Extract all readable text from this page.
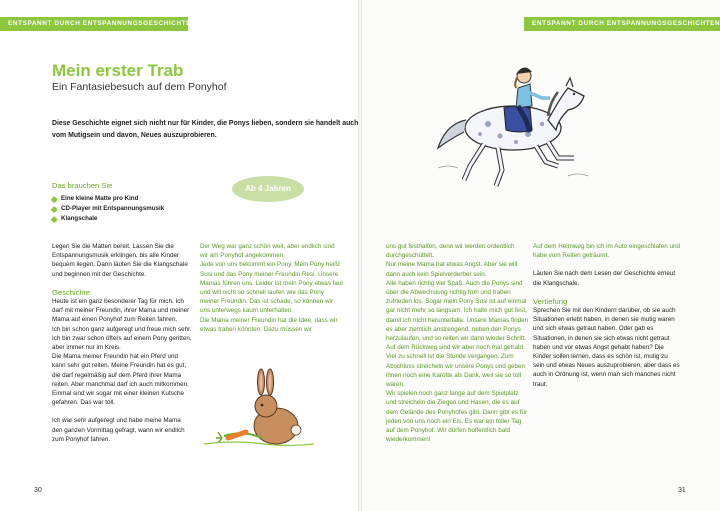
ENTSPANNT DURCH ENTSPANNUNGSGESCHICHTEN	ENTSPANNT DURCH ENTSPANNUNGSGESCHICHTEN
Mein erster Trab
Ein Fantasiebesuch auf dem Ponyhof
Diese Geschichte eignet sich nicht nur für Kinder, die Ponys lieben, sondern sie handelt auch vom Mutigsein und davon, Neues auszuprobieren.
Das brauchen Sie
Eine kleine Matte pro Kind
CD-Player mit Entspannungsmusik
Klangschale
Ab 4 Jahren

Legen Sie die Matten bereit. Lassen Sie die Entspannungsmusik erklingen, bis alle Kinder bequem liegen. Dann läuten Sie die Klangschale und beginnen mit der Geschichte.

Geschichte

Heute ist ein ganz besonderer Tag für mich. Ich darf mit meiner Freundin, ihrer Mama und meiner Mama auf einen Ponyhof zum Reiten fahren.

Ich bin schon ganz aufgeregt und freue mich sehr. Ich bin zwar schon öfters auf einem Pony geritten, aber immer nur im Kreis.

Die Mama meiner Freundin hat ein Pferd und kann sehr gut reiten. Meine Freundin hat es gut, die darf regelmäßig auf dem Pferd ihrer Mama reiten. Aber manchmal darf ich auch mitkommen. Einmal sind wir sogar mit einer kleinen Kutsche gefahren. Das war toll.

Ich war sehr aufgeregt und habe meine Mama den ganzen Vormittag gefragt, wann wir endlich zum Ponyhof fahren.

Der Weg war ganz schön weit, aber endlich sind wir am Ponyhof angekommen.

Jede von uns bekommt ein Pony. Mein Pony heißt Susi und das Pony meiner Freundin Resi. Unsere Mamas führen uns. Leider ist mein Pony etwas faul und will nicht so schnell laufen wie das Pony meiner Freundin. Das ist schade, so können wir uns unterwegs kaum unterhalten.

Die Mama meiner Freundin hat die Idee, dass wir etwas traben könnten. Dazu müssen wir

uns gut festhalten, denn wir werden ordentlich durchgeschüttelt.

Nur meine Mama hat etwas Angst. Aber sie will dann auch kein Spielverderber sein.

Alle haben richtig viel Spaß. Auch die Ponys sind über die Abwechslung richtig froh und traben zufrieden los. Sogar mein Pony Susi ist auf einmal gar nicht mehr so langsam. Ich halte mich gut fest, damit ich nicht herunterfalle. Unsere Mamas finden es aber ziemlich anstrengend, neben den Ponys herzulaufen, und so reiten wir dann wieder Schritt.

Auf dem Rückweg sind wir aber noch mal getrabt.

Viel zu schnell ist die Stunde vergangen. Zum Abschluss streicheln wir unsere Ponys und geben ihnen noch eine Karotte als Dank, weil sie so toll waren.

Wir spielen noch ganz lange auf dem Spielplatz und streicheln die Ziegen und Hasen, die es auf dem Gelände des Ponyhofes gibt. Dann gibt es für jeden von uns noch ein Eis. Es war ein toller Tag auf dem Ponyhof. Wir dürfen hoffentlich bald wiederkommen!

Auf dem Heimweg bin ich im Auto eingeschlafen und habe vom Reiten geträumt.

Läuten Sie nach dem Lesen der Geschichte erneut die Klangschale.

Vertiefung

Sprechen Sie mit den Kindern darüber, ob sie auch Situationen erlebt haben, in denen sie mutig waren und sich etwas getraut haben. Oder gab es Situationen, in denen sie sich etwas nicht getraut haben und vor etwas Angst gehabt haben? Die Kinder sollen lernen, dass es schön ist, mutig zu sein und etwas Neues auszuprobieren, aber dass es auch in Ordnung ist, wenn man sich manches nicht traut.

30	31
